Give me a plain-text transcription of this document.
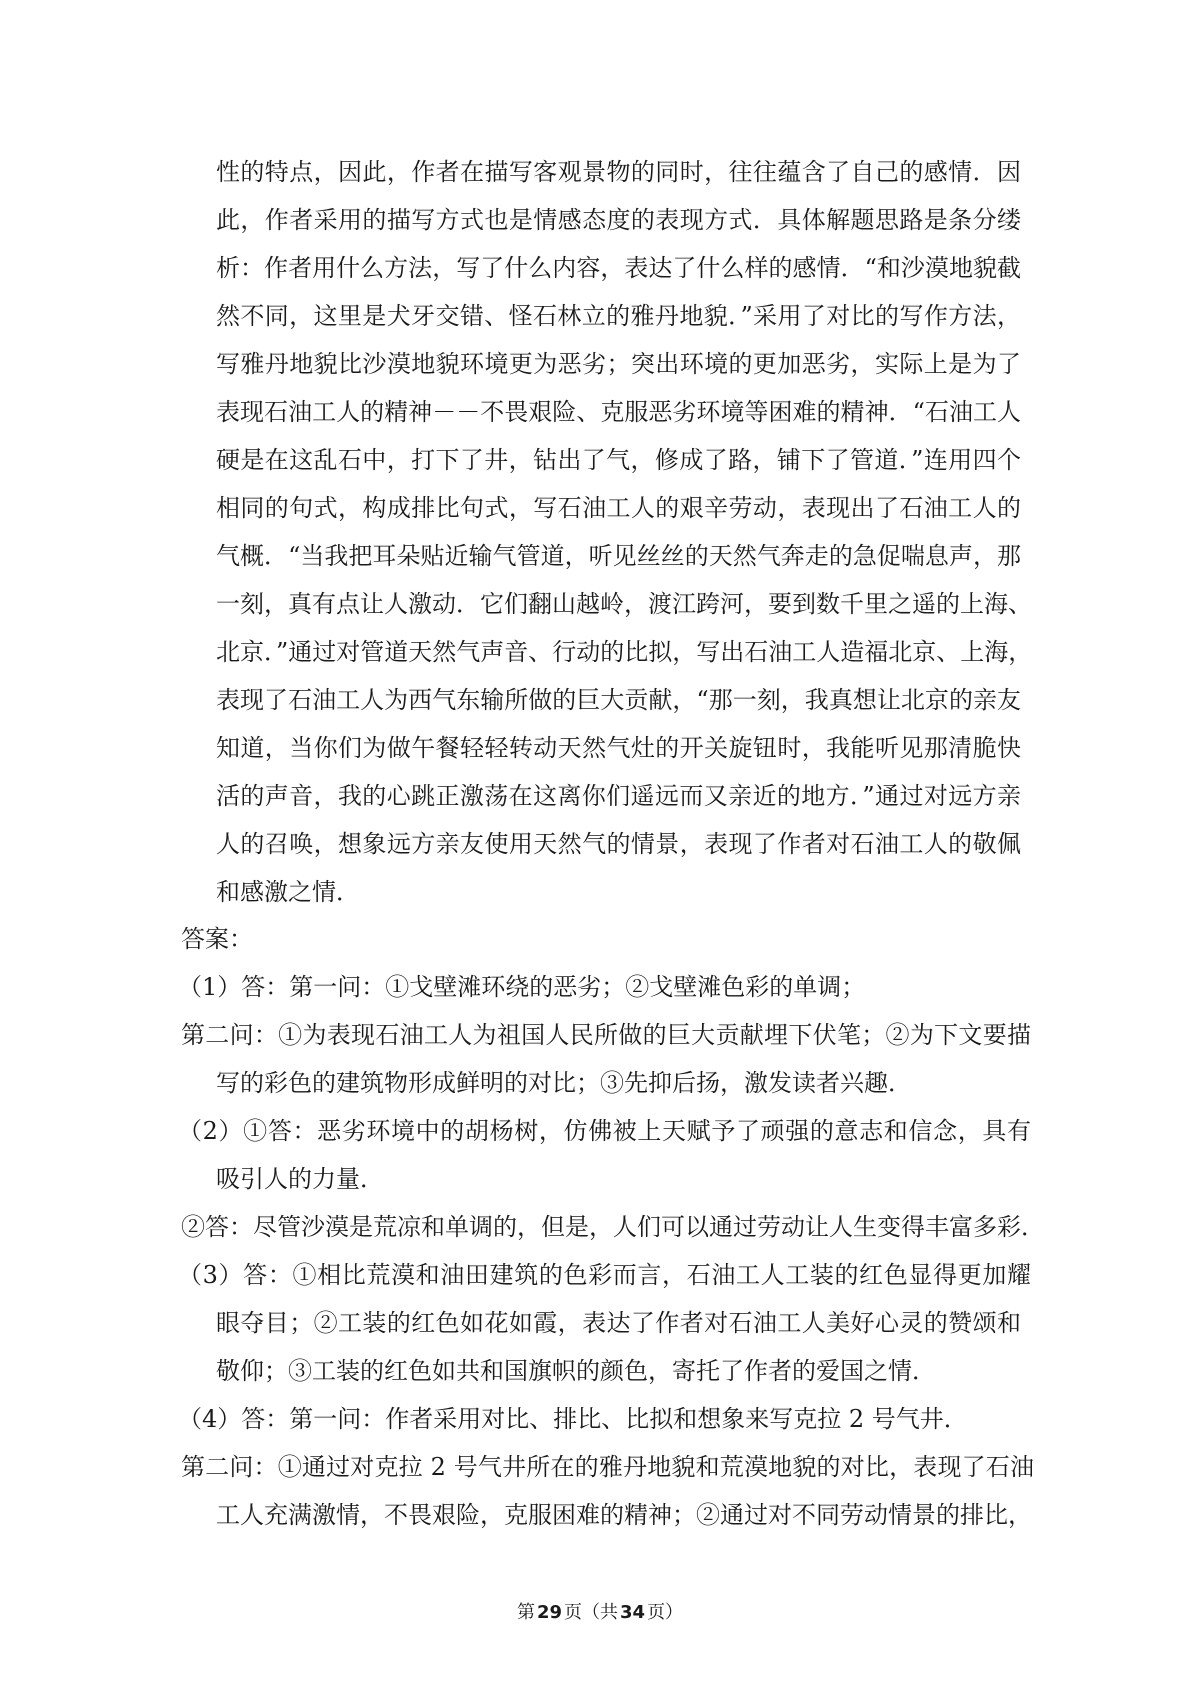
性的特点，因此，作者在描写客观景物的同时，往往蕴含了自己的感情．因
此，作者采用的描写方式也是情感态度的表现方式．具体解题思路是条分缕
析：作者用什么方法，写了什么内容，表达了什么样的感情．“和沙漠地貌截
然不同，这里是犬牙交错、怪石林立的雅丹地貌．”采用了对比的写作方法，
写雅丹地貌比沙漠地貌环境更为恶劣；突出环境的更加恶劣，实际上是为了
表现石油工人的精神－－不畏艰险、克服恶劣环境等困难的精神．“石油工人
硬是在这乱石中，打下了井，钻出了气，修成了路，铺下了管道．”连用四个
相同的句式，构成排比句式，写石油工人的艰辛劳动，表现出了石油工人的
气概．“当我把耳朵贴近输气管道，听见丝丝的天然气奔走的急促喘息声，那
一刻，真有点让人激动．它们翻山越岭，渡江跨河，要到数千里之遥的上海、
北京．”通过对管道天然气声音、行动的比拟，写出石油工人造福北京、上海，
表现了石油工人为西气东输所做的巨大贡献，“那一刻，我真想让北京的亲友
知道，当你们为做午餐轻轻转动天然气灶的开关旋钮时，我能听见那清脆快
活的声音，我的心跳正激荡在这离你们遥远而又亲近的地方．”通过对远方亲
人的召唤，想象远方亲友使用天然气的情景，表现了作者对石油工人的敬佩
和感激之情．
答案：
（1）答：第一问：①戈壁滩环绕的恶劣；②戈壁滩色彩的单调；
第二问：①为表现石油工人为祖国人民所做的巨大贡献埋下伏笔；②为下文要描
写的彩色的建筑物形成鲜明的对比；③先抑后扬，激发读者兴趣．
（2）①答：恶劣环境中的胡杨树，仿佛被上天赋予了顽强的意志和信念，具有
吸引人的力量．
②答：尽管沙漠是荒凉和单调的，但是，人们可以通过劳动让人生变得丰富多彩．
（3）答：①相比荒漠和油田建筑的色彩而言，石油工人工装的红色显得更加耀
眼夺目；②工装的红色如花如霞，表达了作者对石油工人美好心灵的赞颂和
敬仰；③工装的红色如共和国旗帜的颜色，寄托了作者的爱国之情．
（4）答：第一问：作者采用对比、排比、比拟和想象来写克拉 2 号气井．
第二问：①通过对克拉 2 号气井所在的雅丹地貌和荒漠地貌的对比，表现了石油
工人充满激情，不畏艰险，克服困难的精神；②通过对不同劳动情景的排比，
第 29 页（共 34 页）
